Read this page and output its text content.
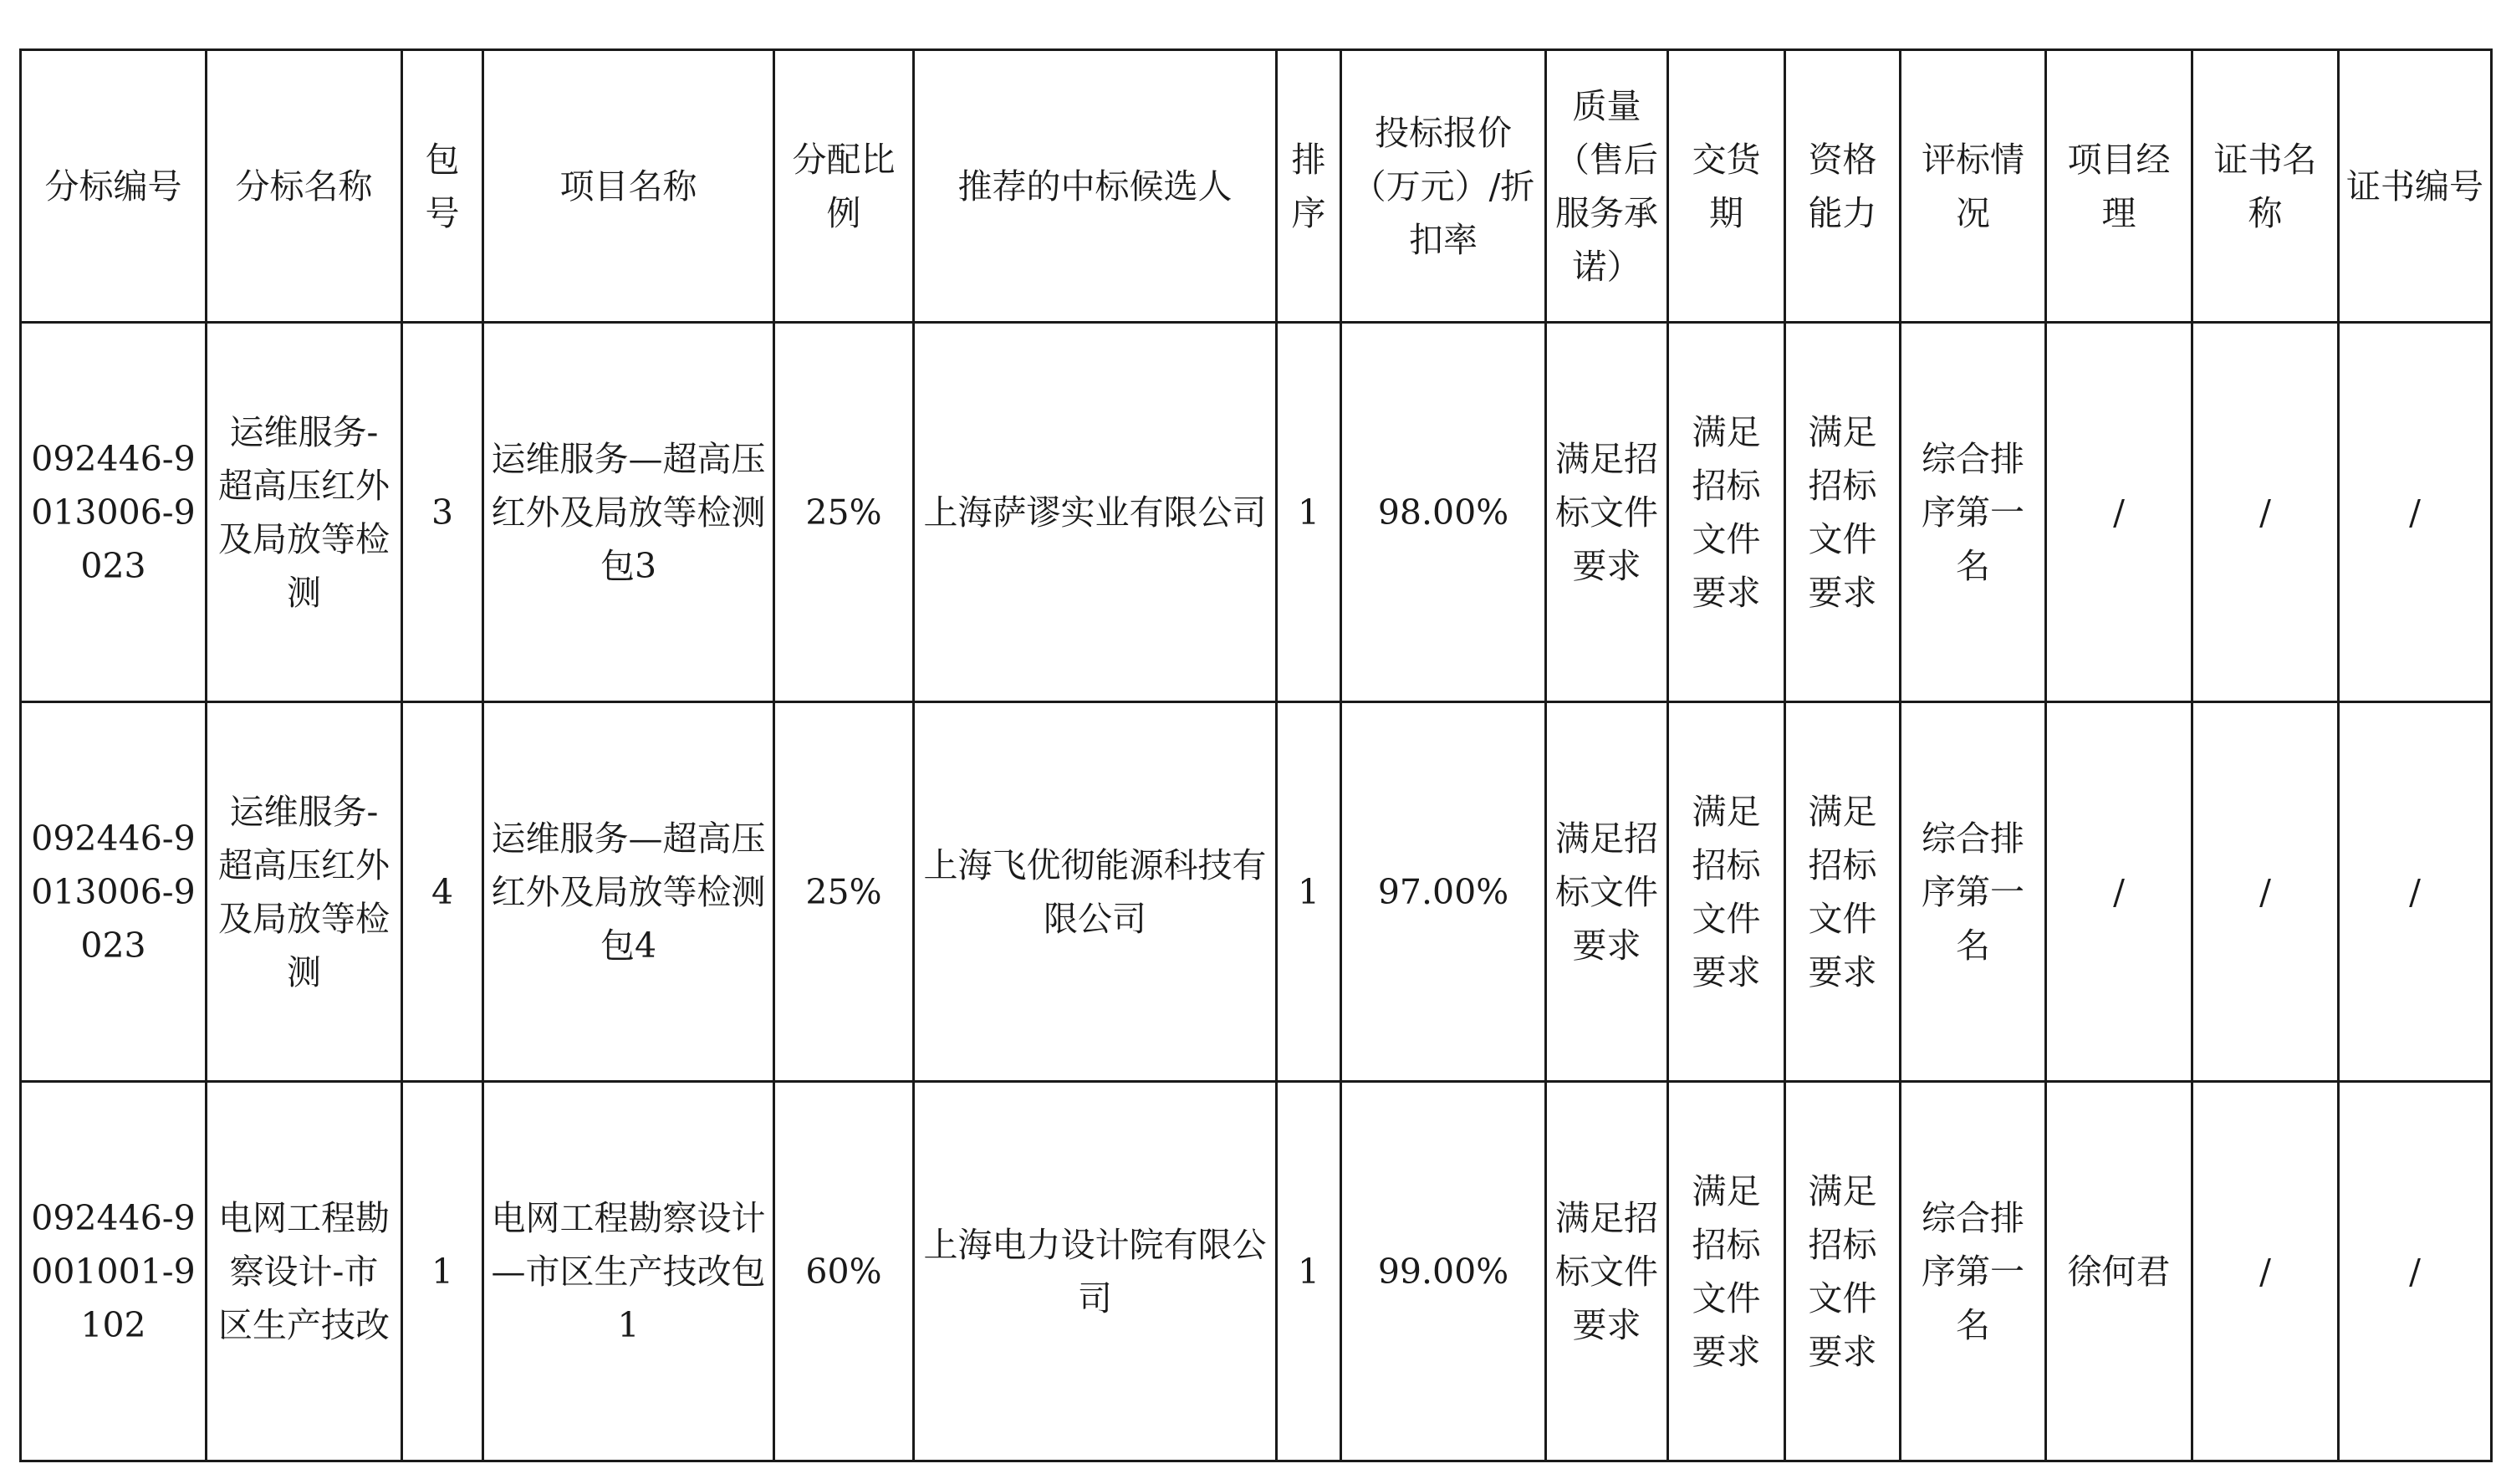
分标编号	分标名称	包号	项目名称	分配比例	推荐的中标候选人	排序	投标报价（万元）/折扣率	质量（售后服务承诺）	交货期	资格能力	评标情况	项目经理	证书名称	证书编号
092446-9013006-9023	运维服务-超高压红外及局放等检测	3	运维服务—超高压红外及局放等检测包3	25%	上海萨谬实业有限公司	1	98.00%	满足招标文件要求	满足招标文件要求	满足招标文件要求	综合排序第一名	/	/	/
092446-9013006-9023	运维服务-超高压红外及局放等检测	4	运维服务—超高压红外及局放等检测包4	25%	上海飞优彻能源科技有限公司	1	97.00%	满足招标文件要求	满足招标文件要求	满足招标文件要求	综合排序第一名	/	/	/
092446-9001001-9102	电网工程勘察设计-市区生产技改	1	电网工程勘察设计—市区生产技改包1	60%	上海电力设计院有限公司	1	99.00%	满足招标文件要求	满足招标文件要求	满足招标文件要求	综合排序第一名	徐何君	/	/
